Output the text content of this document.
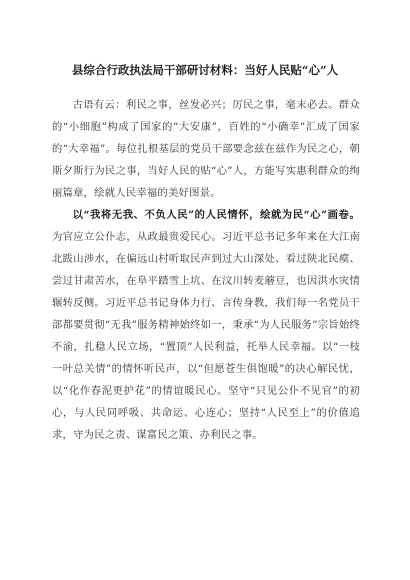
县综合行政执法局干部研讨材料：当好人民贴“心”人

古语有云：利民之事，丝发必兴；厉民之事，毫末必去。群众的“小细胞”构成了国家的“大安康”，百姓的“小确幸”汇成了国家的“大幸福”。每位扎根基层的党员干部要念兹在兹作为民之心，朝斯夕斯行为民之事，当好人民的贴“心”人，方能写实惠利群众的绚丽篇章，绘就人民幸福的美好图景。

以“我将无我、不负人民”的人民情怀，绘就为民“心”画卷。为官应立公仆志，从政最贵爱民心。习近平总书记多年来在大江南北跋山涉水，在偏远山村听取民声到过大山深处、看过陕北民瘼、尝过甘肃苦水，在阜平踏雪上坑、在汶川转麦蘑豆，也因洪水灾情辗转反侧。习近平总书记身体力行、言传身教，我们每一名党员干部都要贯彻“无我”服务精神始终如一，秉承“为人民服务”宗旨始终不渝，扎稳人民立场，“置顶”人民利益，托举人民幸福。以“一枝一叶总关情”的情怀听民声，以“但愿苍生俱饱暖”的决心解民忧，以“化作春泥更护花”的情谊暖民心。坚守“只见公仆不见官”的初心，与人民同呼吸、共命运、心连心；坚持“人民至上”的价值追求，守为民之责、谋富民之策、办利民之事。
